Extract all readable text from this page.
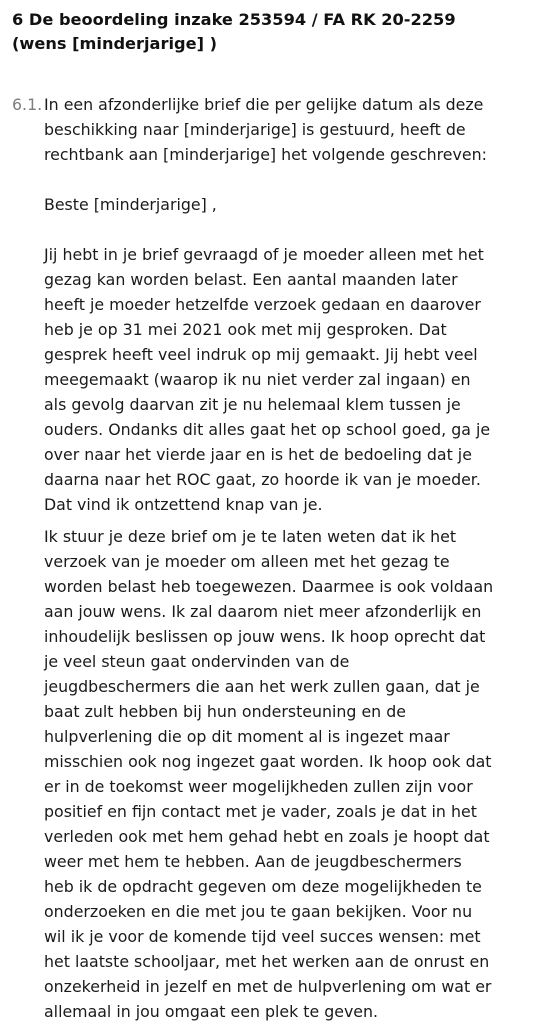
6 De beoordeling inzake 253594 / FA RK 20-2259
(wens [minderjarige] )
6.1. In een afzonderlijke brief die per gelijke datum als deze
beschikking naar [minderjarige] is gestuurd, heeft de
rechtbank aan [minderjarige] het volgende geschreven:
Beste [minderjarige] ,
Jij hebt in je brief gevraagd of je moeder alleen met het
gezag kan worden belast. Een aantal maanden later
heeft je moeder hetzelfde verzoek gedaan en daarover
heb je op 31 mei 2021 ook met mij gesproken. Dat
gesprek heeft veel indruk op mij gemaakt. Jij hebt veel
meegemaakt (waarop ik nu niet verder zal ingaan) en
als gevolg daarvan zit je nu helemaal klem tussen je
ouders. Ondanks dit alles gaat het op school goed, ga je
over naar het vierde jaar en is het de bedoeling dat je
daarna naar het ROC gaat, zo hoorde ik van je moeder.
Dat vind ik ontzettend knap van je.
Ik stuur je deze brief om je te laten weten dat ik het
verzoek van je moeder om alleen met het gezag te
worden belast heb toegewezen. Daarmee is ook voldaan
aan jouw wens. Ik zal daarom niet meer afzonderlijk en
inhoudelijk beslissen op jouw wens. Ik hoop oprecht dat
je veel steun gaat ondervinden van de
jeugdbeschermers die aan het werk zullen gaan, dat je
baat zult hebben bij hun ondersteuning en de
hulpverlening die op dit moment al is ingezet maar
misschien ook nog ingezet gaat worden. Ik hoop ook dat
er in de toekomst weer mogelijkheden zullen zijn voor
positief en fijn contact met je vader, zoals je dat in het
verleden ook met hem gehad hebt en zoals je hoopt dat
weer met hem te hebben. Aan de jeugdbeschermers
heb ik de opdracht gegeven om deze mogelijkheden te
onderzoeken en die met jou te gaan bekijken. Voor nu
wil ik je voor de komende tijd veel succes wensen: met
het laatste schooljaar, met het werken aan de onrust en
onzekerheid in jezelf en met de hulpverlening om wat er
allemaal in jou omgaat een plek te geven.
